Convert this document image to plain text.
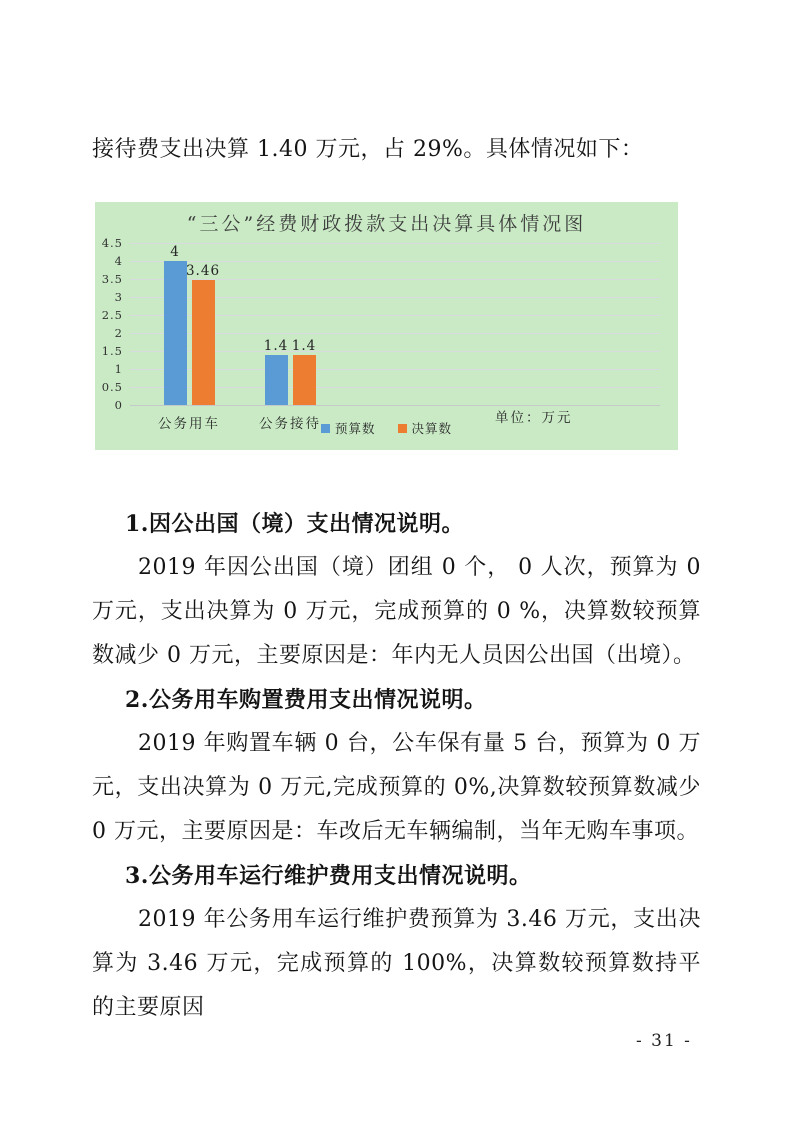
接待费支出决算 1.40 万元，占 29%。具体情况如下：

“三公”经费财政拨款支出决算具体情况图
4.5
4
3.5
3
2.5
2
1.5
1
0.5
0
4
3.46
1.4 1.4
单位：万元
预算数	决算数
公务用车	公务接待
1.因公出国（境）支出情况说明。

2019 年因公出国（境）团组 0 个， 0 人次，预算为 0 万元，支出决算为 0 万元，完成预算的 0 %，决算数较预算数减少 0 万元，主要原因是：年内无人员因公出国（出境）。

2.公务用车购置费用支出情况说明。

2019 年购置车辆 0 台，公车保有量 5 台，预算为 0 万元，支出决算为 0 万元,完成预算的 0%,决算数较预算数减少 0 万元，主要原因是：车改后无车辆编制，当年无购车事项。

3.公务用车运行维护费用支出情况说明。

2019 年公务用车运行维护费预算为 3.46 万元，支出决算为 3.46 万元，完成预算的 100%，决算数较预算数持平的主要原因

- 31 -
